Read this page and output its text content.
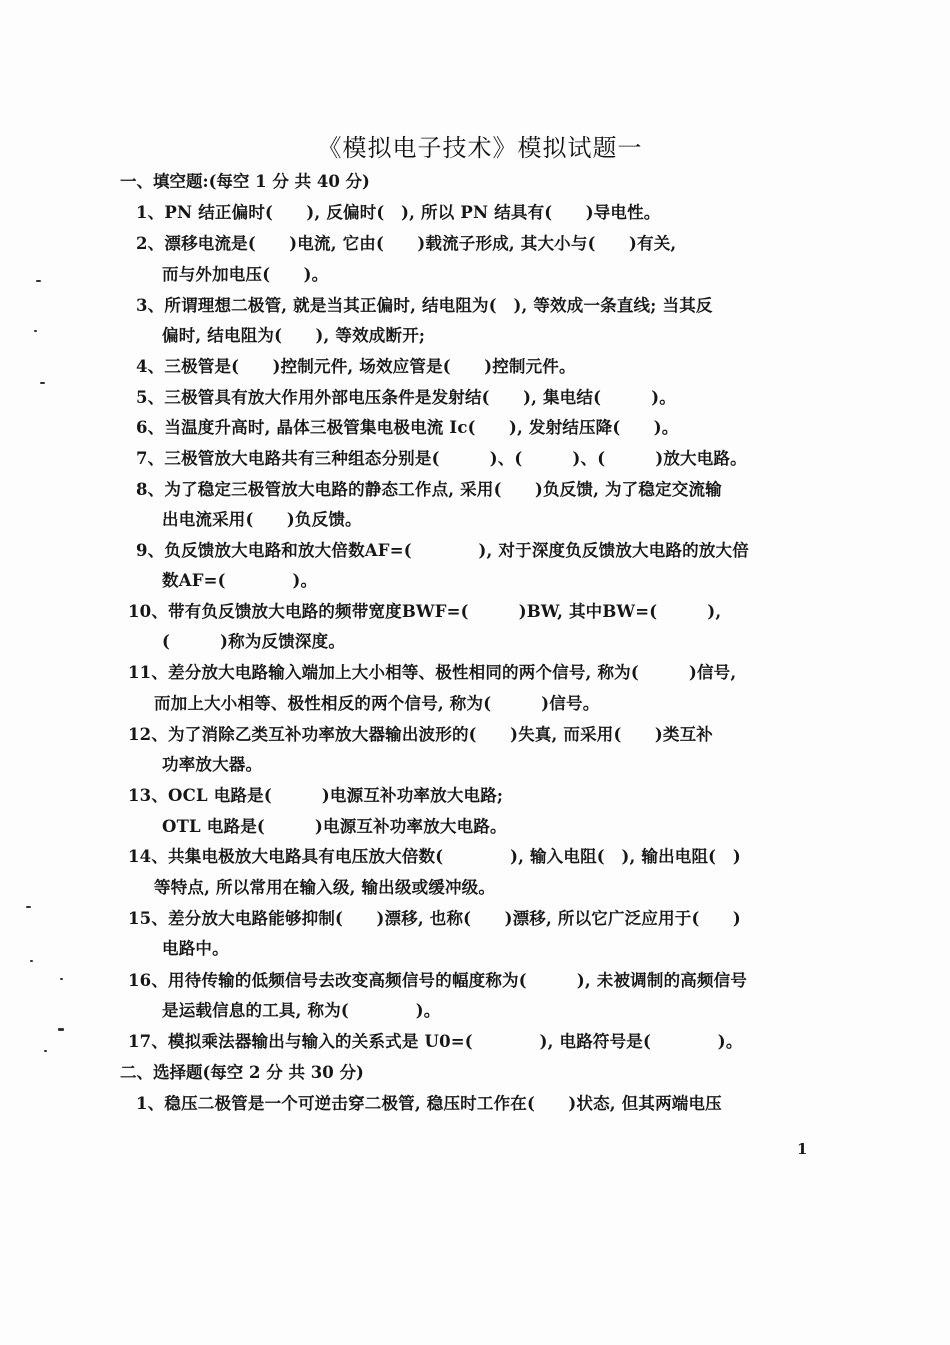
《模拟电子技术》模拟试题一
一、填空题:(每空 1 分 共 40 分)
1、PN 结正偏时(　　), 反偏时(　), 所以 PN 结具有(　　)导电性。
2、漂移电流是(　　)电流, 它由(　　)载流子形成, 其大小与(　　)有关,
而与外加电压(　　)。
3、所谓理想二极管, 就是当其正偏时, 结电阻为(　), 等效成一条直线; 当其反
偏时, 结电阻为(　　), 等效成断开;
4、三极管是(　　)控制元件, 场效应管是(　　)控制元件。
5、三极管具有放大作用外部电压条件是发射结(　　), 集电结(　　　)。
6、当温度升高时, 晶体三极管集电极电流 Ic(　　), 发射结压降(　　)。
7、三极管放大电路共有三种组态分别是(　　　)、(　　　)、(　　　)放大电路。
8、为了稳定三极管放大电路的静态工作点, 采用(　　)负反馈, 为了稳定交流输
出电流采用(　　)负反馈。
9、负反馈放大电路和放大倍数AF=(　　　　), 对于深度负反馈放大电路的放大倍
数AF=(　　　　)。
10、带有负反馈放大电路的频带宽度BWF=(　　　)BW, 其中BW=(　　　),
(　　　)称为反馈深度。
11、差分放大电路输入端加上大小相等、极性相同的两个信号, 称为(　　　)信号,
而加上大小相等、极性相反的两个信号, 称为(　　　)信号。
12、为了消除乙类互补功率放大器输出波形的(　　)失真, 而采用(　　)类互补
功率放大器。
13、OCL 电路是(　　　)电源互补功率放大电路;
OTL 电路是(　　　)电源互补功率放大电路。
14、共集电极放大电路具有电压放大倍数(　　　　), 输入电阻(　), 输出电阻(　)
等特点, 所以常用在输入级, 输出级或缓冲级。
15、差分放大电路能够抑制(　　)漂移, 也称(　　)漂移, 所以它广泛应用于(　　)
电路中。
16、用待传输的低频信号去改变高频信号的幅度称为(　　　), 未被调制的高频信号
是运载信息的工具, 称为(　　　　)。
17、模拟乘法器输出与输入的关系式是 U0=(　　　　), 电路符号是(　　　　)。
二、选择题(每空 2 分 共 30 分)
1、稳压二极管是一个可逆击穿二极管, 稳压时工作在(　　)状态, 但其两端电压
1
